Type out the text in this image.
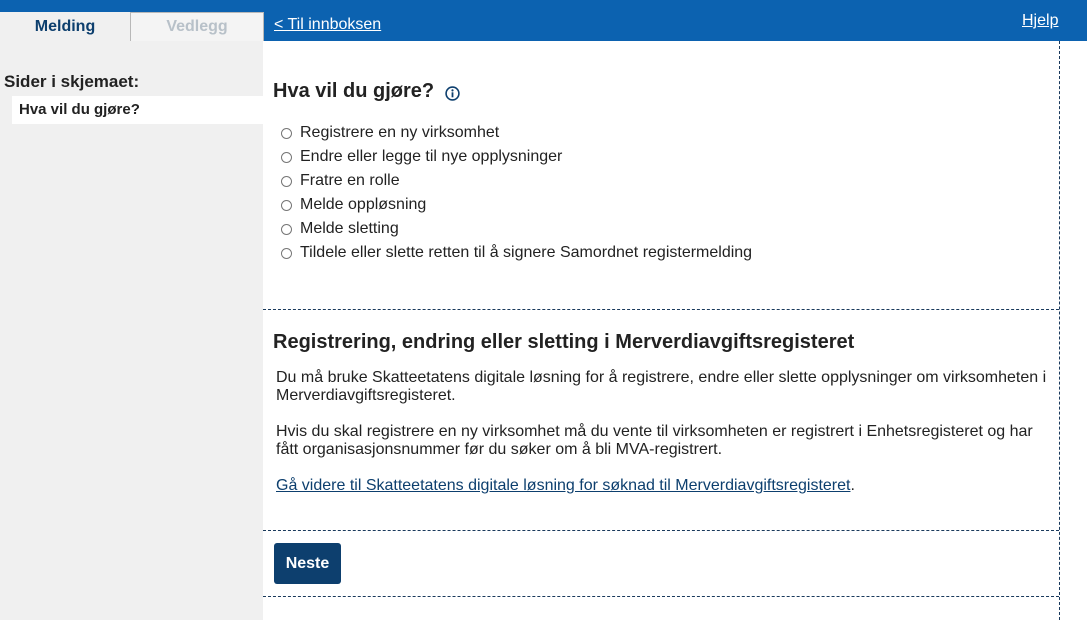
Melding	Vedlegg	< Til innboksen	Hjelp
Sider i skjemaet:
Hva vil du gjøre?
Hva vil du gjøre?
Registrere en ny virksomhet
Endre eller legge til nye opplysninger
Fratre en rolle
Melde oppløsning
Melde sletting
Tildele eller slette retten til å signere Samordnet registermelding
Registrering, endring eller sletting i Merverdiavgiftsregisteret
Du må bruke Skatteetatens digitale løsning for å registrere, endre eller slette opplysninger om virksomheten i Merverdiavgiftsregisteret.
Hvis du skal registrere en ny virksomhet må du vente til virksomheten er registrert i Enhetsregisteret og har fått organisasjonsnummer før du søker om å bli MVA-registrert.
Gå videre til Skatteetatens digitale løsning for søknad til Merverdiavgiftsregisteret.
Neste
